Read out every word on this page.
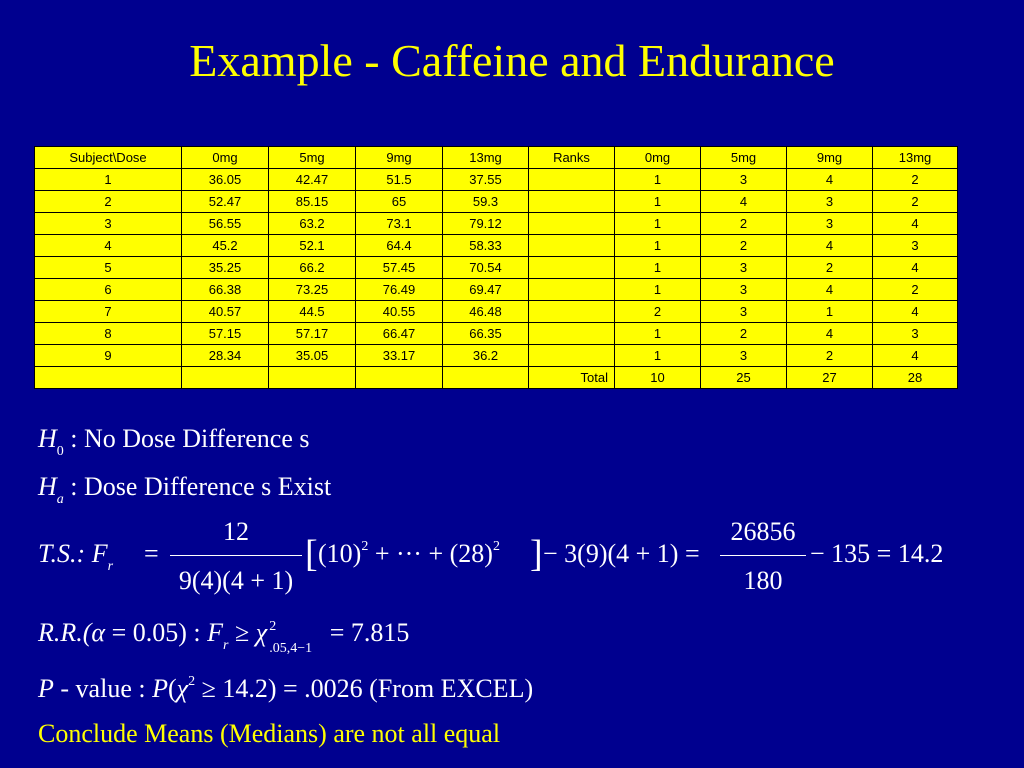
Example - Caffeine and Endurance
Subject\Dose	0mg	5mg	9mg	13mg	Ranks	0mg	5mg	9mg	13mg
1	36.05	42.47	51.5	37.55		1	3	4	2
2	52.47	85.15	65	59.3		1	4	3	2
3	56.55	63.2	73.1	79.12		1	2	3	4
4	45.2	52.1	64.4	58.33		1	2	4	3
5	35.25	66.2	57.45	70.54		1	3	2	4
6	66.38	73.25	76.49	69.47		1	3	4	2
7	40.57	44.5	40.55	46.48		2	3	1	4
8	57.15	57.17	66.47	66.35		1	2	4	3
9	28.34	35.05	33.17	36.2		1	3	2	4
					Total	10	25	27	28
$H_0$ : No Dose Difference s
$H_a$ : Dose Difference s Exist
T.S.: $F_r$ =
12
9(4)(4 + 1)
[ $(10)^2$ + ··· + $(28)^2$ ] − 3(9)(4 + 1) =
26856
180
− 135 = 14.2
R.R.(α = 0.05) : $F_r \ge \chi$ 2
.05,4−1
= 7.815
P - value : $P(\chi^2 \ge 14.2) = .0026$ (From EXCEL)
Conclude Means (Medians) are not all equal
